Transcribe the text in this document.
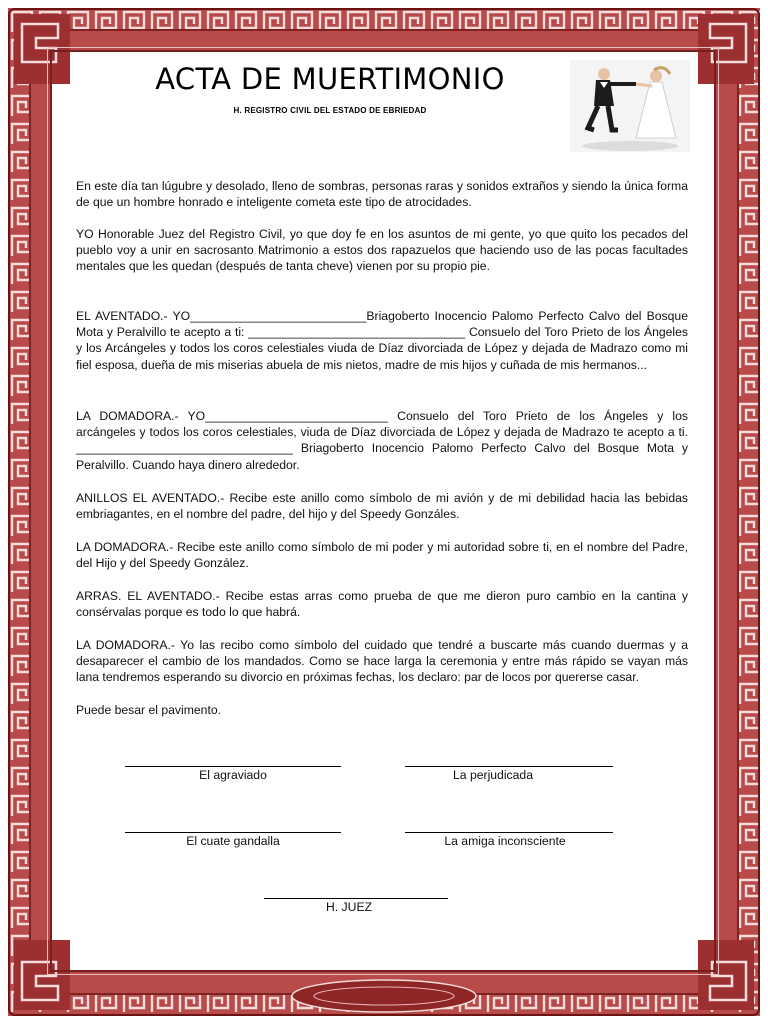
ACTA DE MUERTIMONIO
H. REGISTRO CIVIL DEL ESTADO DE EBRIEDAD
En este día tan lúgubre y desolado, lleno de sombras, personas raras y sonidos extraños y siendo la única forma de que un hombre honrado e inteligente cometa este tipo de atrocidades.
YO Honorable Juez del Registro Civil, yo que doy fe en los asuntos de mi gente, yo que quito los pecados del pueblo voy a unir en sacrosanto Matrimonio a estos dos rapazuelos que haciendo uso de las pocas facultades mentales que les quedan (después de tanta cheve) vienen por su propio pie.
EL AVENTADO.- YO__________________________Briagoberto Inocencio Palomo Perfecto Calvo del Bosque Mota y Peralvillo te acepto a ti: ________________________________ Consuelo del Toro Prieto de los Ángeles y los Arcángeles y todos los coros celestiales viuda de Díaz divorciada de López y dejada de Madrazo como mi fiel esposa, dueña de mis miserias abuela de mis nietos, madre de mis hijos y cuñada de mis hermanos...
LA DOMADORA.- YO___________________________ Consuelo del Toro Prieto de los Ángeles y los arcángeles y todos los coros celestiales, viuda de Díaz divorciada de López y dejada de Madrazo te acepto a ti. ________________________________ Briagoberto Inocencio Palomo Perfecto Calvo del Bosque Mota y Peralvillo. Cuando haya dinero alrededor.
ANILLOS EL AVENTADO.- Recibe este anillo como símbolo de mi avión y de mi debilidad hacia las bebidas embriagantes, en el nombre del padre, del hijo y del Speedy Gonzáles.
LA DOMADORA.- Recibe este anillo como símbolo de mi poder y mi autoridad sobre ti, en el nombre del Padre, del Hijo y del Speedy González.
ARRAS. EL AVENTADO.- Recibe estas arras como prueba de que me dieron puro cambio en la cantina y consérvalas porque es todo lo que habrá.
LA DOMADORA.- Yo las recibo como símbolo del cuidado que tendré a buscarte más cuando duermas y a desaparecer el cambio de los mandados. Como se hace larga la ceremonia y entre más rápido se vayan más lana tendremos esperando su divorcio en próximas fechas, los declaro: par de locos por quererse casar.
Puede besar el pavimento.
El agraviado	La perjudicada
El cuate gandalla	La amiga inconsciente
H. JUEZ
